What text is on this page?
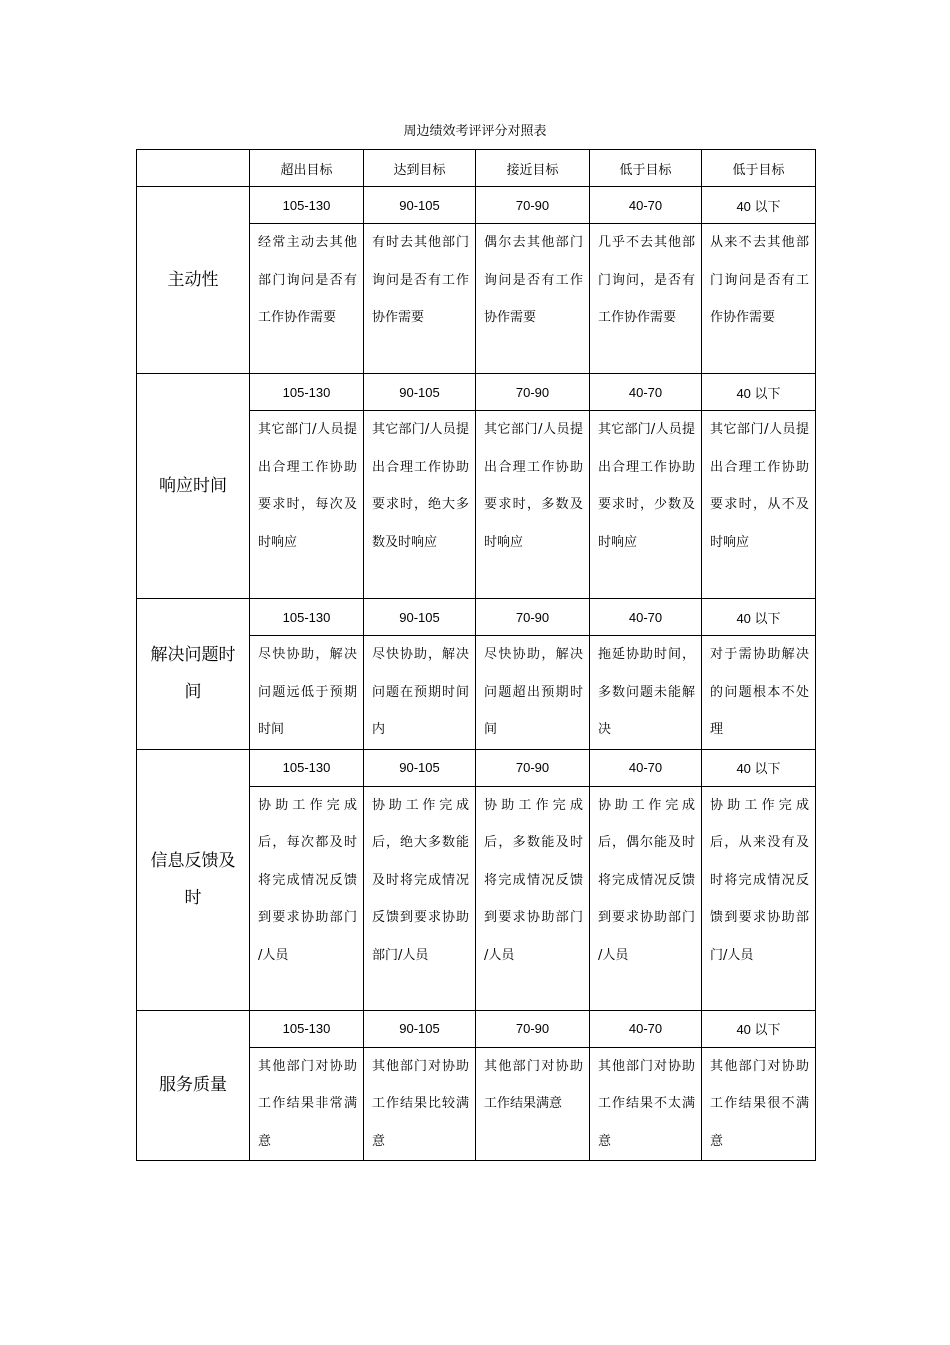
周边绩效考评评分对照表
	超出目标	达到目标	接近目标	低于目标	低于目标
主动性	105-130	90-105	70-90	40-70	40 以下
	经常主动去其他部门询问是否有工作协作需要	有时去其他部门询问是否有工作协作需要	偶尔去其他部门询问是否有工作协作需要	几乎不去其他部门询问，是否有工作协作需要	从来不去其他部门询问是否有工作协作需要
响应时间	105-130	90-105	70-90	40-70	40 以下
	其它部门/人员提出合理工作协助要求时，每次及时响应	其它部门/人员提出合理工作协助要求时，绝大多数及时响应	其它部门/人员提出合理工作协助要求时，多数及时响应	其它部门/人员提出合理工作协助要求时，少数及时响应	其它部门/人员提出合理工作协助要求时，从不及时响应
解决问题时
间	105-130	90-105	70-90	40-70	40 以下
	尽快协助，解决问题远低于预期时间	尽快协助，解决问题在预期时间内	尽快协助，解决问题超出预期时间	拖延协助时间，多数问题未能解决	对于需协助解决的问题根本不处理
信息反馈及
时	105-130	90-105	70-90	40-70	40 以下
	协助工作完成后，每次都及时将完成情况反馈到要求协助部门 /人员	协助工作完成后，绝大多数能及时将完成情况反馈到要求协助部门/人员	协助工作完成后，多数能及时将完成情况反馈到要求协助部门 /人员	协助工作完成后，偶尔能及时将完成情况反馈到要求协助部门 /人员	协助工作完成后，从来没有及时将完成情况反馈到要求协助部门/人员
服务质量	105-130	90-105	70-90	40-70	40 以下
	其他部门对协助工作结果非常满意	其他部门对协助工作结果比较满意	其他部门对协助工作结果满意	其他部门对协助工作结果不太满意	其他部门对协助工作结果很不满意
